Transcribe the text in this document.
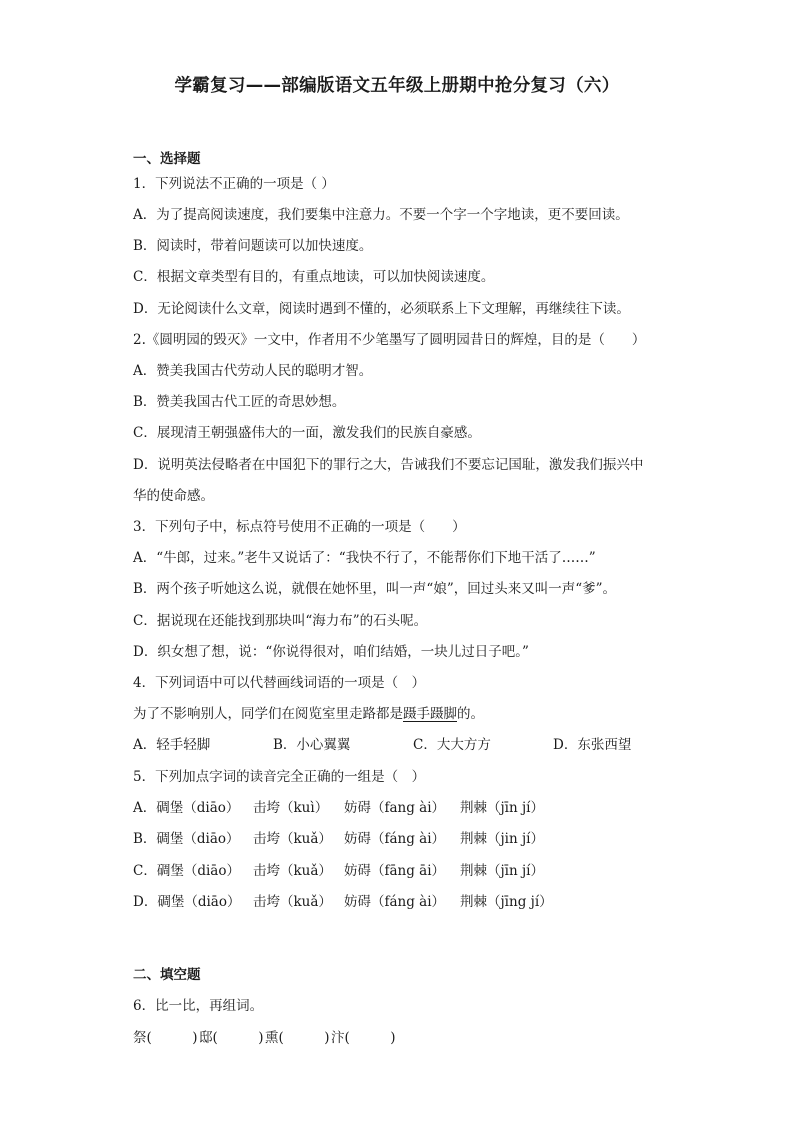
学霸复习——部编版语文五年级上册期中抢分复习（六）
一、选择题
1．下列说法不正确的一项是（ ）
A．为了提高阅读速度，我们要集中注意力。不要一个字一个字地读，更不要回读。
B．阅读时，带着问题读可以加快速度。
C．根据文章类型有目的，有重点地读，可以加快阅读速度。
D．无论阅读什么文章，阅读时遇到不懂的，必须联系上下文理解，再继续往下读。
2.《圆明园的毁灭》一文中，作者用不少笔墨写了圆明园昔日的辉煌，目的是（　　）
A．赞美我国古代劳动人民的聪明才智。
B．赞美我国古代工匠的奇思妙想。
C．展现清王朝强盛伟大的一面，激发我们的民族自豪感。
D．说明英法侵略者在中国犯下的罪行之大，告诫我们不要忘记国耻，激发我们振兴中
华的使命感。
3．下列句子中，标点符号使用不正确的一项是（　　）
A．“牛郎，过来。”老牛又说话了：“我快不行了，不能帮你们下地干活了……”
B．两个孩子听她这么说，就偎在她怀里，叫一声“娘”，回过头来又叫一声“爹”。
C．据说现在还能找到那块叫“海力布”的石头呢。
D．织女想了想，说：“你说得很对，咱们结婚，一块儿过日子吧。”
4．下列词语中可以代替画线词语的一项是（　）
为了不影响别人，同学们在阅览室里走路都是蹑手蹑脚的。
A．轻手轻脚	B．小心翼翼	C．大大方方	D．东张西望
5．下列加点字词的读音完全正确的一组是（　）
A．碉堡（diāo）	击垮（kuì）	妨碍（fang ài）	荆棘（jīn jí）
B．碉堡（diāo） 击垮（kuǎ） 妨碍（fáng ài）	荆棘（jin jí）
C．碉堡（diāo） 击垮（kuǎ） 妨碍（fāng āi）	荆棘（jīn jí）
D．碉堡（diāo） 击垮（kuǎ） 妨碍（fáng ài）	荆棘（jīng jí）
二、填空题
6．比一比，再组词。
祭(　　　)邸(　　　)熏(　　　)汴(　　　)
